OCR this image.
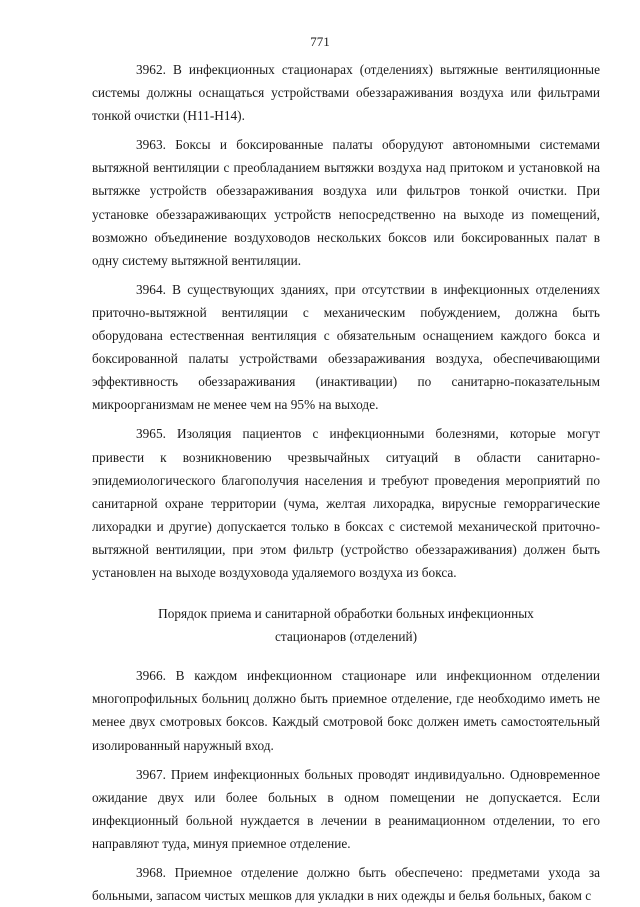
771

3962. В инфекционных стационарах (отделениях) вытяжные вентиляционные системы должны оснащаться устройствами обеззараживания воздуха или фильтрами тонкой очистки (Н11-Н14).

3963. Боксы и боксированные палаты оборудуют автономными системами вытяжной вентиляции с преобладанием вытяжки воздуха над притоком и установкой на вытяжке устройств обеззараживания воздуха или фильтров тонкой очистки. При установке обеззараживающих устройств непосредственно на выходе из помещений, возможно объединение воздуховодов нескольких боксов или боксированных палат в одну систему вытяжной вентиляции.

3964. В существующих зданиях, при отсутствии в инфекционных отделениях приточно-вытяжной вентиляции с механическим побуждением, должна быть оборудована естественная вентиляция с обязательным оснащением каждого бокса и боксированной палаты устройствами обеззараживания воздуха, обеспечивающими эффективность обеззараживания (инактивации) по санитарно-показательным микроорганизмам не менее чем на 95% на выходе.

3965. Изоляция пациентов с инфекционными болезнями, которые могут привести к возникновению чрезвычайных ситуаций в области санитарно-эпидемиологического благополучия населения и требуют проведения мероприятий по санитарной охране территории (чума, желтая лихорадка, вирусные геморрагические лихорадки и другие) допускается только в боксах с системой механической приточно-вытяжной вентиляции, при этом фильтр (устройство обеззараживания) должен быть установлен на выходе воздуховода удаляемого воздуха из бокса.

Порядок приема и санитарной обработки больных инфекционных стационаров (отделений)

3966. В каждом инфекционном стационаре или инфекционном отделении многопрофильных больниц должно быть приемное отделение, где необходимо иметь не менее двух смотровых боксов. Каждый смотровой бокс должен иметь самостоятельный изолированный наружный вход.

3967. Прием инфекционных больных проводят индивидуально. Одновременное ожидание двух или более больных в одном помещении не допускается. Если инфекционный больной нуждается в лечении в реанимационном отделении, то его направляют туда, минуя приемное отделение.

3968. Приемное отделение должно быть обеспечено: предметами ухода за больными, запасом чистых мешков для укладки в них одежды и белья больных, баком с
